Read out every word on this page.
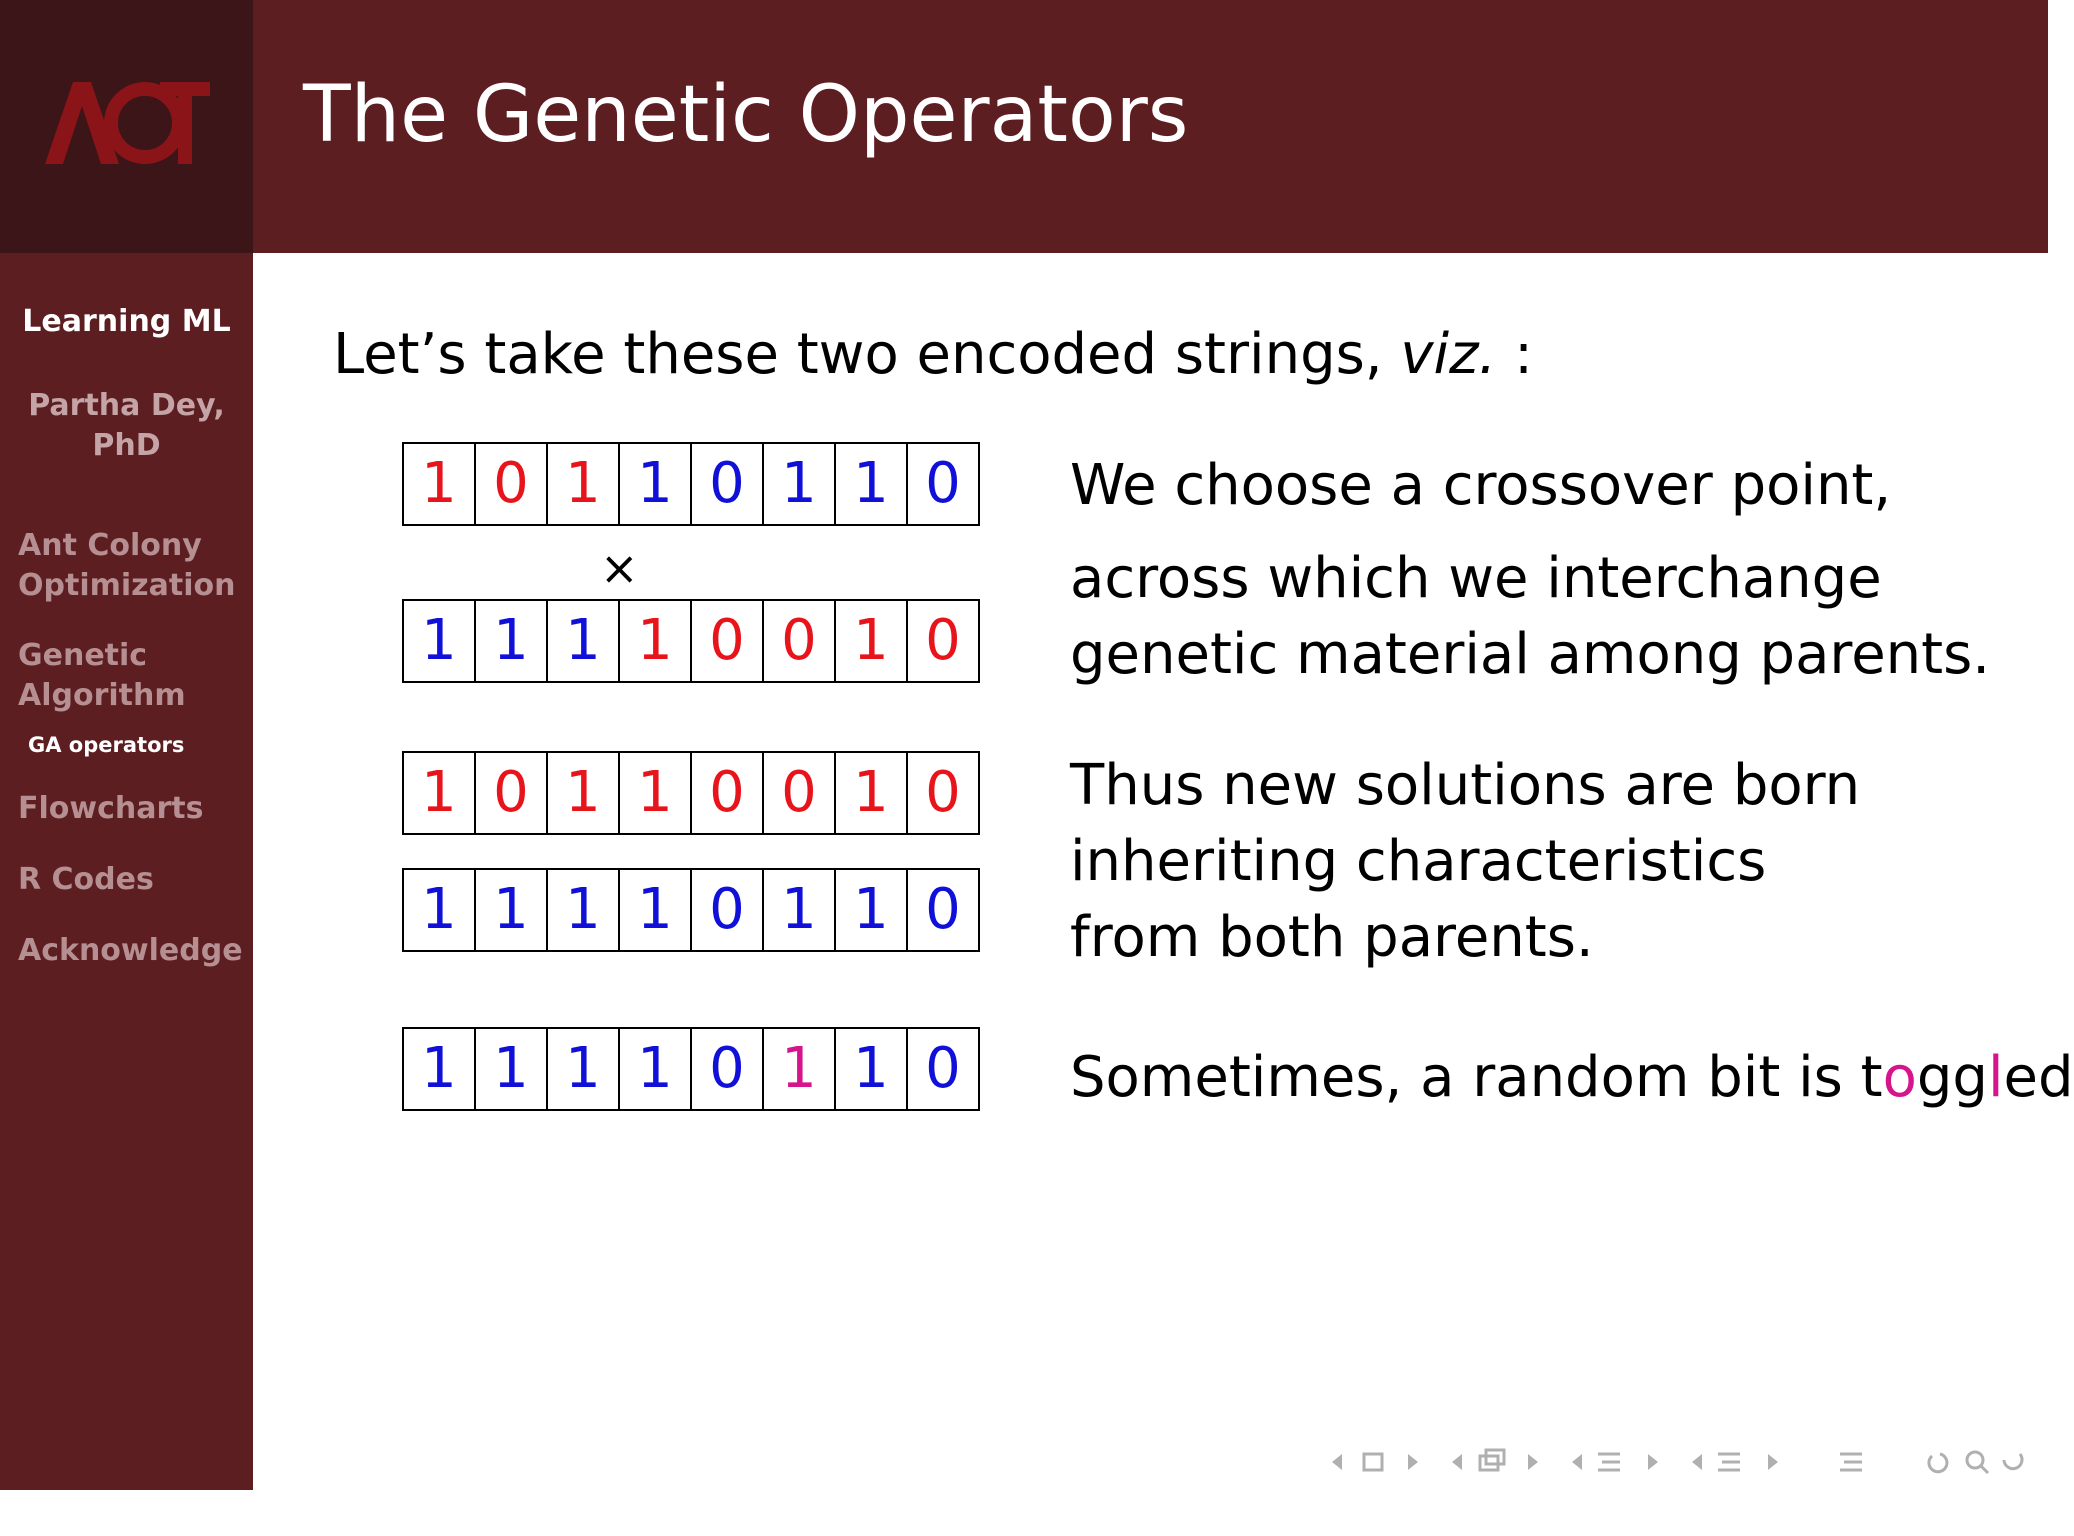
The Genetic Operators
Learning ML
Partha Dey,
PhD
Ant Colony
Optimization
Genetic
Algorithm
GA operators
Flowcharts
R Codes
Acknowledge
Let’s take these two encoded strings, viz. :
1 0 1 1 0 1 1 0
×
1 1 1 1 0 0 1 0
1 0 1 1 0 0 1 0
1 1 1 1 0 1 1 0
1 1 1 1 0 1 1 0
We choose a crossover point,
across which we interchange
genetic material among parents.
Thus new solutions are born
inheriting characteristics
from both parents.
Sometimes, a random bit is toggled
